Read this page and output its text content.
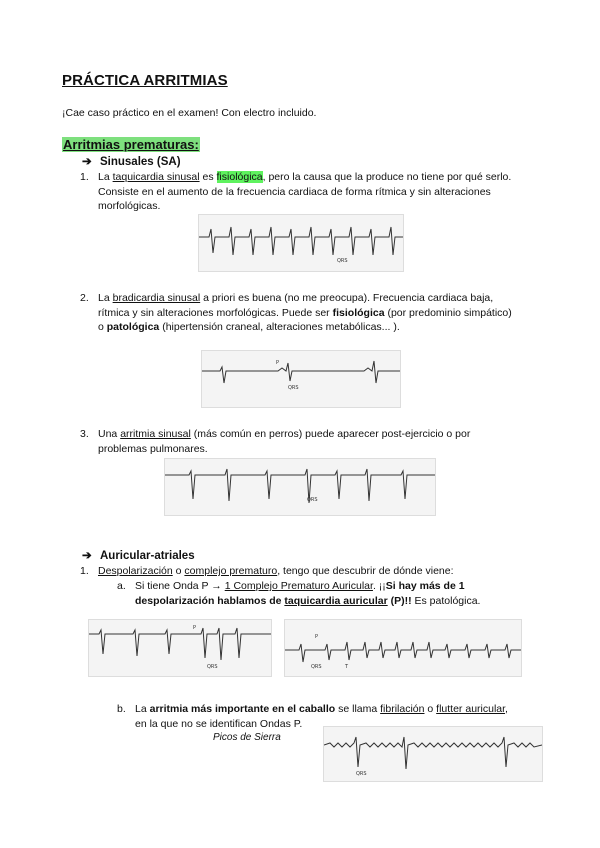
PRÁCTICA ARRITMIAS
¡Cae caso práctico en el examen! Con electro incluido.
Arritmias prematuras:
➔ Sinusales (SA)
1. La taquicardia sinusal es fisiológica, pero la causa que la produce no tiene por qué serlo.
Consiste en el aumento de la frecuencia cardiaca de forma rítmica y sin alteraciones
morfológicas.
QRS
2. La bradicardia sinusal a priori es buena (no me preocupa). Frecuencia cardiaca baja,
rítmica y sin alteraciones morfológicas. Puede ser fisiológica (por predominio simpático)
o patológica (hipertensión craneal, alteraciones metabólicas... ).
P
QRS
3. Una arritmia sinusal (más común en perros) puede aparecer post-ejercicio o por
problemas pulmonares.
QRS
➔ Auricular-atriales
1. Despolarización o complejo prematuro, tengo que descubrir de dónde viene:
a. Si tiene Onda P → 1 Complejo Prematuro Auricular. ¡¡Si hay más de 1
despolarización hablamos de taquicardia auricular (P)!! Es patológica.
P
QRS
P
QRS	T
b. La arritmia más importante en el caballo se llama fibrilación o flutter auricular,
en la que no se identifican Ondas P.
Picos de Sierra
QRS
